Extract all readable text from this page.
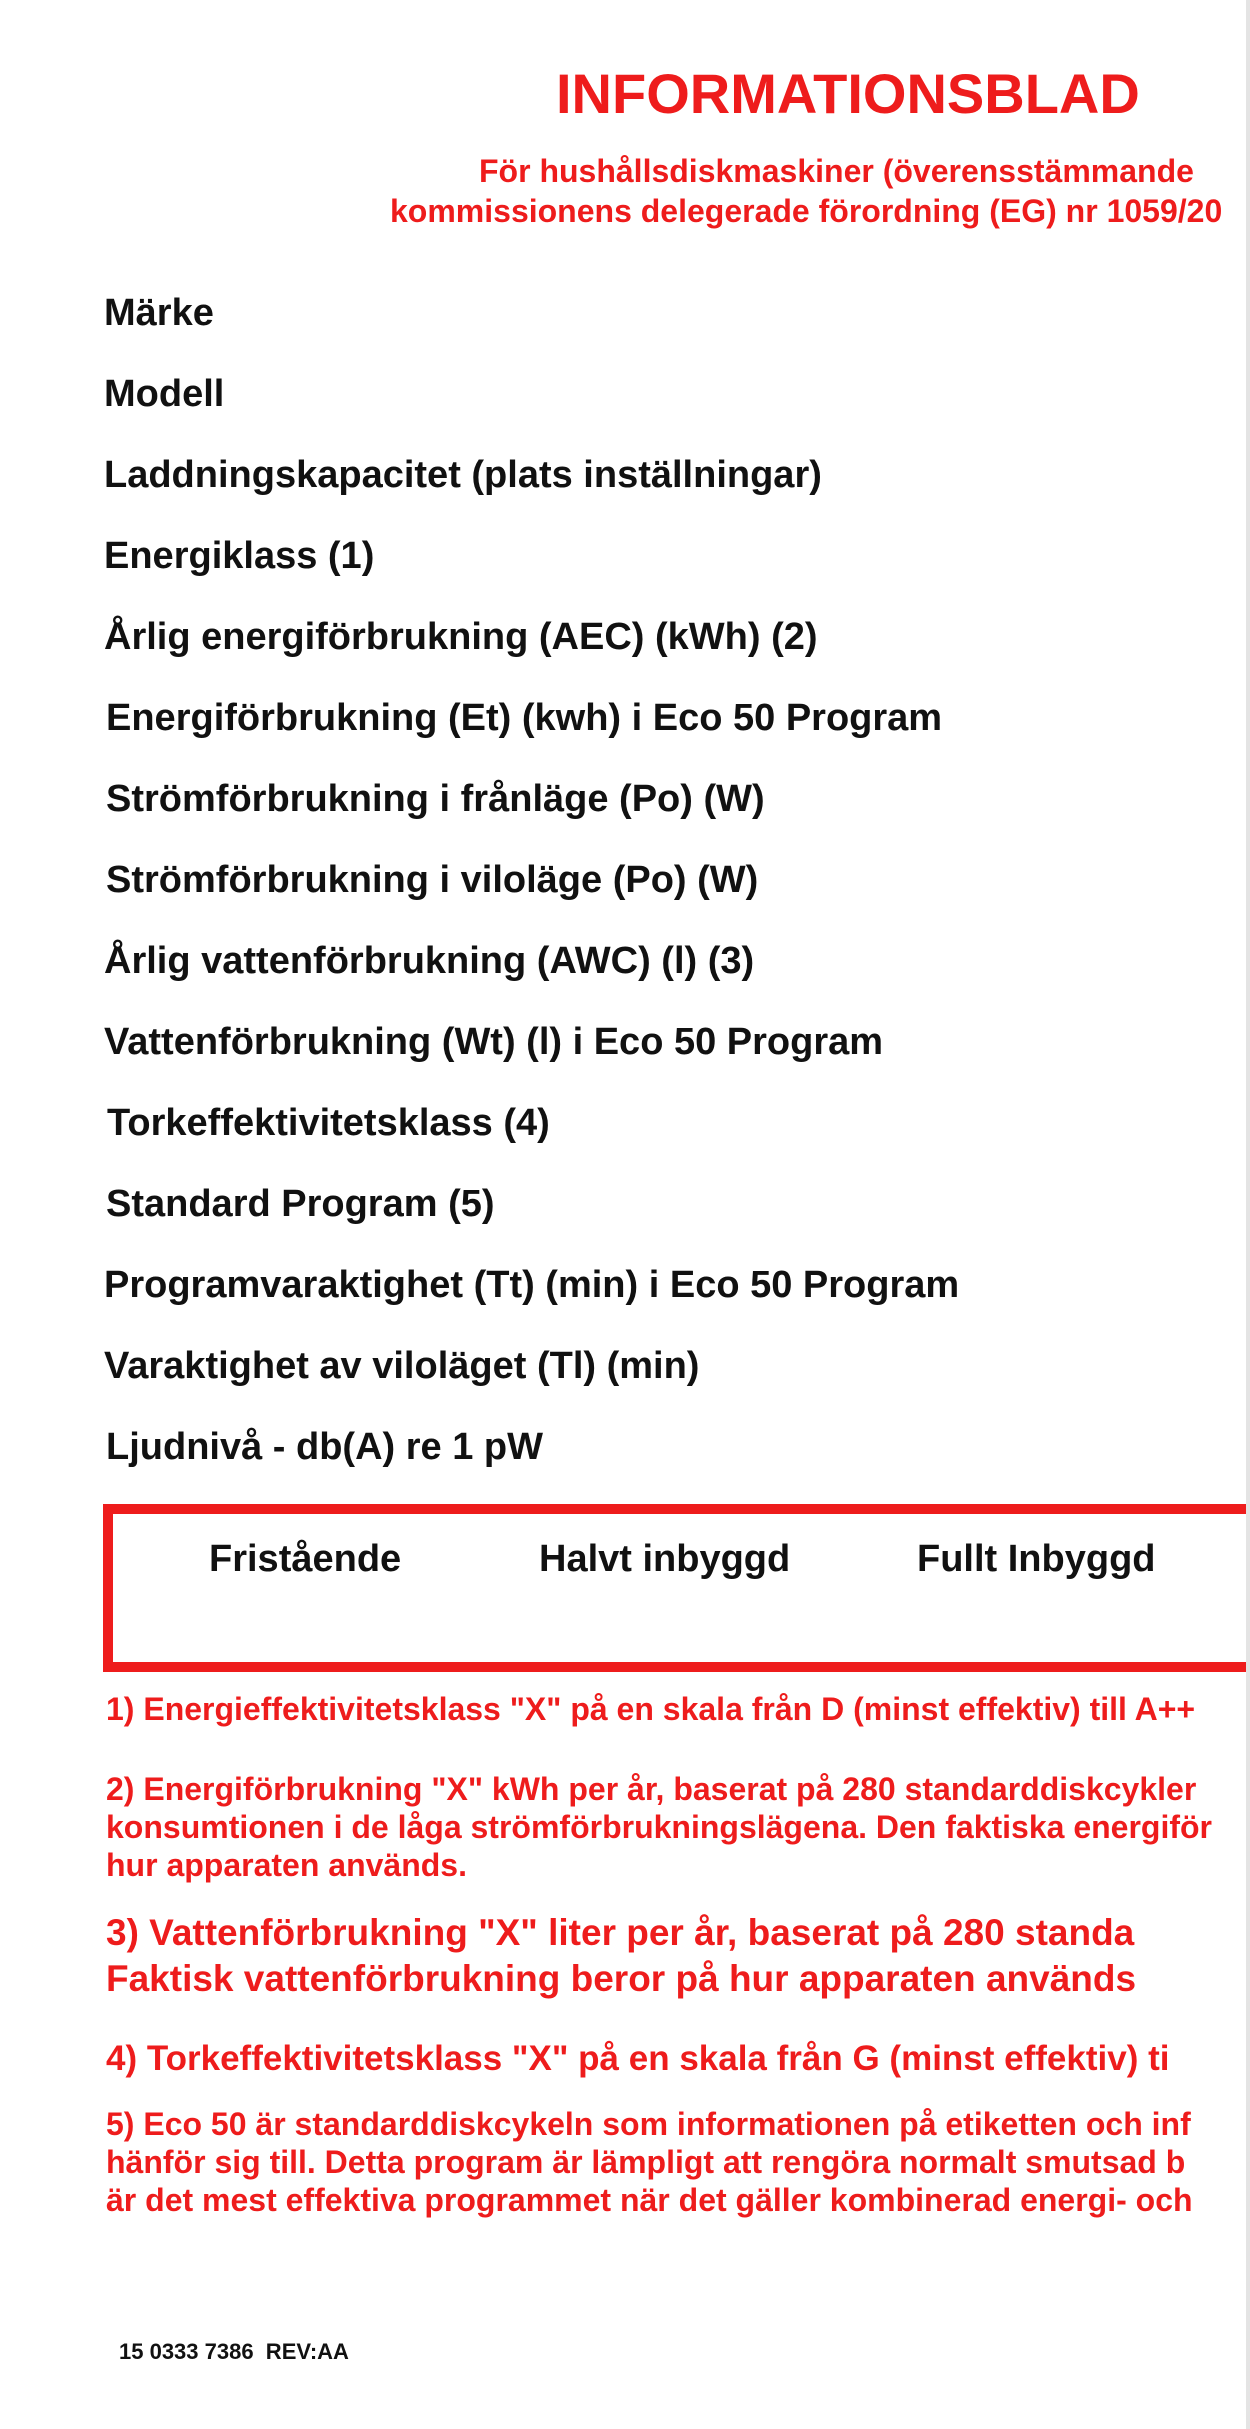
INFORMATIONSBLAD
För hushållsdiskmaskiner (överensstämmande
kommissionens delegerade förordning (EG) nr 1059/20
Märke
Modell
Laddningskapacitet (plats inställningar)
Energiklass (1)
Årlig energiförbrukning (AEC) (kWh) (2)
Energiförbrukning (Et) (kwh) i Eco 50 Program
Strömförbrukning i frånläge (Po) (W)
Strömförbrukning i viloläge (Po) (W)
Årlig vattenförbrukning (AWC) (l) (3)
Vattenförbrukning (Wt) (l) i Eco 50 Program
Torkeffektivitetsklass (4)
Standard Program (5)
Programvaraktighet (Tt) (min) i Eco 50 Program
Varaktighet av viloläget (Tl) (min)
Ljudnivå - db(A) re 1 pW
Fristående	Halvt inbyggd	Fullt Inbyggd
1) Energieffektivitetsklass "X" på en skala från D (minst effektiv) till A++
2) Energiförbrukning "X" kWh per år, baserat på 280 standarddiskcykler
konsumtionen i de låga strömförbrukningslägena. Den faktiska energiför
hur apparaten används.
3) Vattenförbrukning "X" liter per år, baserat på 280 standa
Faktisk vattenförbrukning beror på hur apparaten används
4) Torkeffektivitetsklass "X" på en skala från G (minst effektiv) ti
5) Eco 50 är standarddiskcykeln som informationen på etiketten och inf
hänför sig till. Detta program är lämpligt att rengöra normalt smutsad b
är det mest effektiva programmet när det gäller kombinerad energi- och
15 0333 7386  REV:AA
